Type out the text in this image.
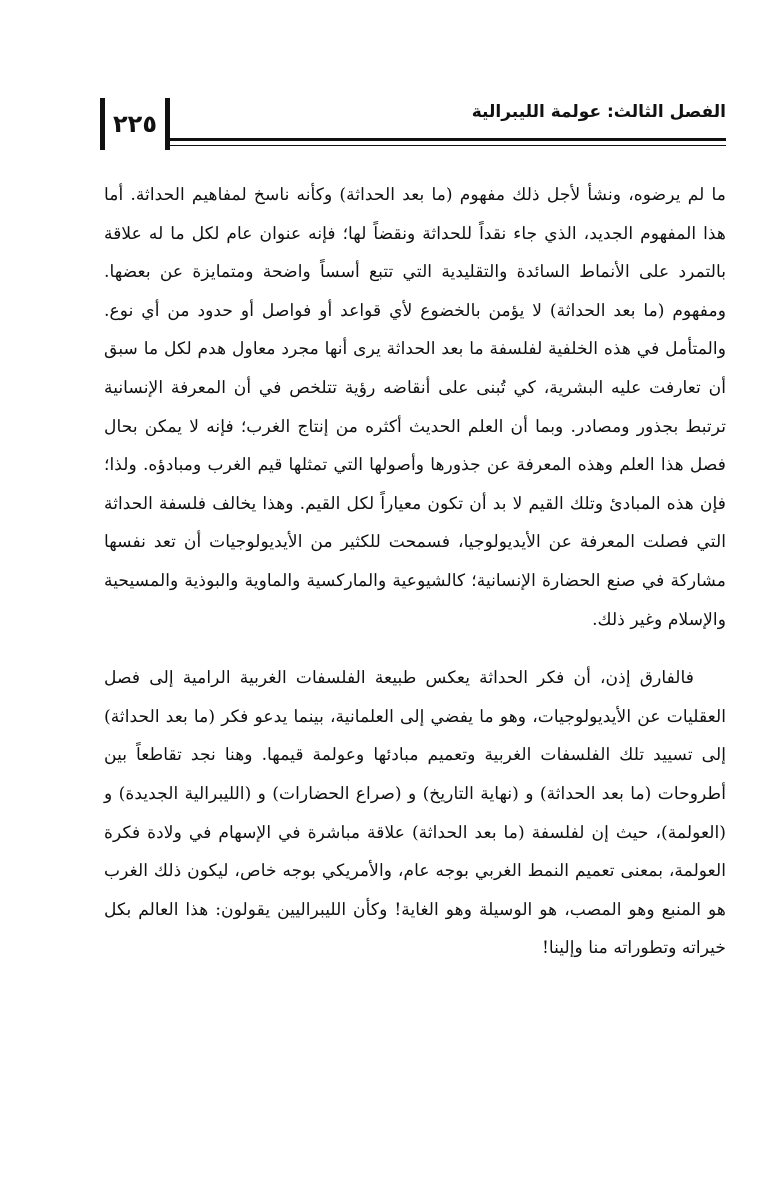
٢٢٥	الفصل الثالث: عولمة الليبرالية

ما لم يرضوه، ونشأ لأجل ذلك مفهوم (ما بعد الحداثة) وكأنه ناسخ لمفاهيم الحداثة. أما هذا المفهوم الجديد، الذي جاء نقداً للحداثة ونقضاً لها؛ فإنه عنوان عام لكل ما له علاقة بالتمرد على الأنماط السائدة والتقليدية التي تتبع أسساً واضحة ومتمايزة عن بعضها. ومفهوم (ما بعد الحداثة) لا يؤمن بالخضوع لأي قواعد أو فواصل أو حدود من أي نوع. والمتأمل في هذه الخلفية لفلسفة ما بعد الحداثة يرى أنها مجرد معاول هدم لكل ما سبق أن تعارفت عليه البشرية، كي تُبنى على أنقاضه رؤية تتلخص في أن المعرفة الإنسانية ترتبط بجذور ومصادر. وبما أن العلم الحديث أكثره من إنتاج الغرب؛ فإنه لا يمكن بحال فصل هذا العلم وهذه المعرفة عن جذورها وأصولها التي تمثلها قيم الغرب ومبادؤه. ولذا؛ فإن هذه المبادئ وتلك القيم لا بد أن تكون معياراً لكل القيم. وهذا يخالف فلسفة الحداثة التي فصلت المعرفة عن الأيديولوجيا، فسمحت للكثير من الأيديولوجيات أن تعد نفسها مشاركة في صنع الحضارة الإنسانية؛ كالشيوعية والماركسية والماوية والبوذية والمسيحية والإسلام وغير ذلك.

فالفارق إذن، أن فكر الحداثة يعكس طبيعة الفلسفات الغربية الرامية إلى فصل العقليات عن الأيديولوجيات، وهو ما يفضي إلى العلمانية، بينما يدعو فكر (ما بعد الحداثة) إلى تسييد تلك الفلسفات الغربية وتعميم مبادئها وعولمة قيمها. وهنا نجد تقاطعاً بين أطروحات (ما بعد الحداثة) و (نهاية التاريخ) و (صراع الحضارات) و (الليبرالية الجديدة) و (العولمة)، حيث إن لفلسفة (ما بعد الحداثة) علاقة مباشرة في الإسهام في ولادة فكرة العولمة، بمعنى تعميم النمط الغربي بوجه عام، والأمريكي بوجه خاص، ليكون ذلك الغرب هو المنبع وهو المصب، هو الوسيلة وهو الغاية! وكأن الليبراليين يقولون: هذا العالم بكل خيراته وتطوراته منا وإلينا!
